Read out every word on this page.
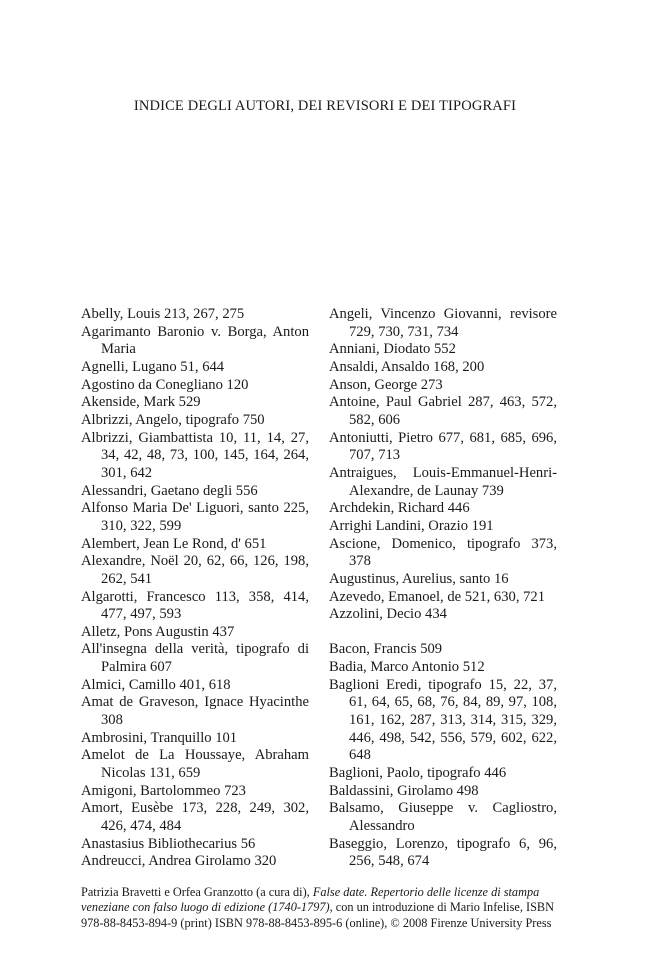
INDICE DEGLI AUTORI, DEI REVISORI E DEI TIPOGRAFI
Abelly, Louis 213, 267, 275
Agarimanto Baronio v. Borga, Anton Maria
Agnelli, Lugano 51, 644
Agostino da Conegliano 120
Akenside, Mark 529
Albrizzi, Angelo, tipografo 750
Albrizzi, Giambattista 10, 11, 14, 27, 34, 42, 48, 73, 100, 145, 164, 264, 301, 642
Alessandri, Gaetano degli 556
Alfonso Maria De' Liguori, santo 225, 310, 322, 599
Alembert, Jean Le Rond, d' 651
Alexandre, Noël 20, 62, 66, 126, 198, 262, 541
Algarotti, Francesco 113, 358, 414, 477, 497, 593
Alletz, Pons Augustin 437
All'insegna della verità, tipografo di Palmira 607
Almici, Camillo 401, 618
Amat de Graveson, Ignace Hyacinthe 308
Ambrosini, Tranquillo 101
Amelot de La Houssaye, Abraham Nicolas 131, 659
Amigoni, Bartolommeo 723
Amort, Eusèbe 173, 228, 249, 302, 426, 474, 484
Anastasius Bibliothecarius 56
Andreucci, Andrea Girolamo 320
Angeli, Vincenzo Giovanni, revisore 729, 730, 731, 734
Anniani, Diodato 552
Ansaldi, Ansaldo 168, 200
Anson, George 273
Antoine, Paul Gabriel 287, 463, 572, 582, 606
Antoniutti, Pietro 677, 681, 685, 696, 707, 713
Antraigues, Louis-Emmanuel-Henri-Alexandre, de Launay 739
Archdekin, Richard 446
Arrighi Landini, Orazio 191
Ascione, Domenico, tipografo 373, 378
Augustinus, Aurelius, santo 16
Azevedo, Emanoel, de 521, 630, 721
Azzolini, Decio 434
Bacon, Francis 509
Badia, Marco Antonio 512
Baglioni Eredi, tipografo 15, 22, 37, 61, 64, 65, 68, 76, 84, 89, 97, 108, 161, 162, 287, 313, 314, 315, 329, 446, 498, 542, 556, 579, 602, 622, 648
Baglioni, Paolo, tipografo 446
Baldassini, Girolamo 498
Balsamo, Giuseppe v. Cagliostro, Alessandro
Baseggio, Lorenzo, tipografo 6, 96, 256, 548, 674

Patrizia Bravetti e Orfea Granzotto (a cura di), False date. Repertorio delle licenze di stampa

veneziane con falso luogo di edizione (1740-1797), con un introduzione di Mario Infelise, ISBN

978-88-8453-894-9 (print) ISBN 978-88-8453-895-6 (online), © 2008 Firenze University Press
